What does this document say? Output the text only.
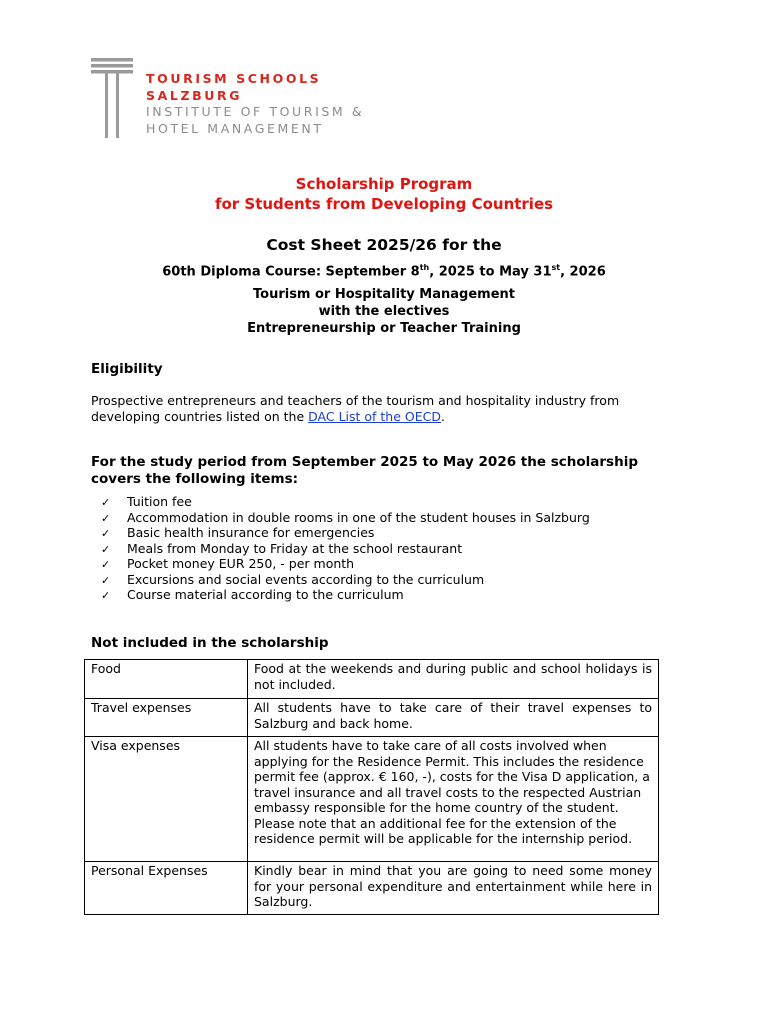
TOURISM SCHOOLS
SALZBURG
INSTITUTE OF TOURISM &
HOTEL MANAGEMENT
Scholarship Program
for Students from Developing Countries
Cost Sheet 2025/26 for the
60th Diploma Course: September 8th, 2025 to May 31st, 2026
Tourism or Hospitality Management
with the electives
Entrepreneurship or Teacher Training
Eligibility
Prospective entrepreneurs and teachers of the tourism and hospitality industry from developing countries listed on the DAC List of the OECD.
For the study period from September 2025 to May 2026 the scholarship covers the following items:
✓ Tuition fee
✓ Accommodation in double rooms in one of the student houses in Salzburg
✓ Basic health insurance for emergencies
✓ Meals from Monday to Friday at the school restaurant
✓ Pocket money EUR 250, - per month
✓ Excursions and social events according to the curriculum
✓ Course material according to the curriculum
Not included in the scholarship
Food	Food at the weekends and during public and school holidays is not included.
Travel expenses	All students have to take care of their travel expenses to Salzburg and back home.
Visa expenses	All students have to take care of all costs involved when applying for the Residence Permit. This includes the residence permit fee (approx. € 160, -), costs for the Visa D application, a travel insurance and all travel costs to the respected Austrian embassy responsible for the home country of the student.
Please note that an additional fee for the extension of the residence permit will be applicable for the internship period.

Personal Expenses	Kindly bear in mind that you are going to need some money for your personal expenditure and entertainment while here in Salzburg.
